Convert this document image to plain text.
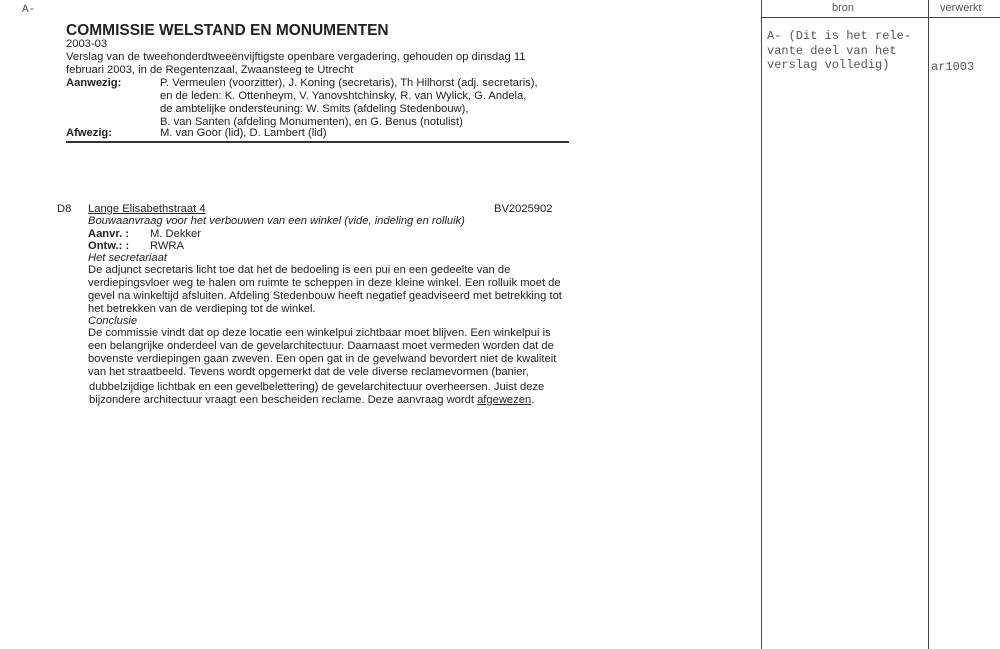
A-
COMMISSIE WELSTAND EN MONUMENTEN
2003-03
Verslag van de tweehonderdtweeënvijftigste openbare vergadering, gehouden op dinsdag 11
februari 2003, in de Regentenzaal, Zwaansteeg te Utrecht
Aanwezig:	P. Vermeulen (voorzitter), J. Koning (secretaris), Th Hilhorst (adj. secretaris),
en de leden: K. Ottenheym, V. Yanovshtchinsky, R. van Wylick, G. Andela,
de ambtelijke ondersteuning: W. Smits (afdeling Stedenbouw),
B. van Santen (afdeling Monumenten), en G. Benus (notulist)
Afwezig:	M. van Goor (lid), D. Lambert (lid)
D8 Lange Elisabethstraat 4	BV2025902
Bouwaanvraag voor het verbouwen van een winkel (vide, indeling en rolluik)
Aanvr. : M. Dekker
Ontw.: : RWRA
Het secretariaat
De adjunct secretaris licht toe dat het de bedoeling is een pui en een gedeelte van de
verdiepingsvloer weg te halen om ruimte te scheppen in deze kleine winkel. Een rolluik moet de
gevel na winkeltijd afsluiten. Afdeling Stedenbouw heeft negatief geadviseerd met betrekking tot
het betrekken van de verdieping tot de winkel.
Conclusie
De commissie vindt dat op deze locatie een winkelpui zichtbaar moet blijven. Een winkelpui is
een belangrijke onderdeel van de gevelarchitectuur. Daarnaast moet vermeden worden dat de
bovenste verdiepingen gaan zweven. Een open gat in de gevelwand bevordert niet de kwaliteit
van het straatbeeld. Tevens wordt opgemerkt dat de vele diverse reclamevormen (banier,
dubbelzijdige lichtbak en een gevelbelettering) de gevelarchitectuur overheersen. Juist deze
bijzondere architectuur vraagt een bescheiden reclame. Deze aanvraag wordt afgewezen.
bron	verwerkt
A- (Dit is het rele-
vante deel van het
verslag volledig)	ar1003
